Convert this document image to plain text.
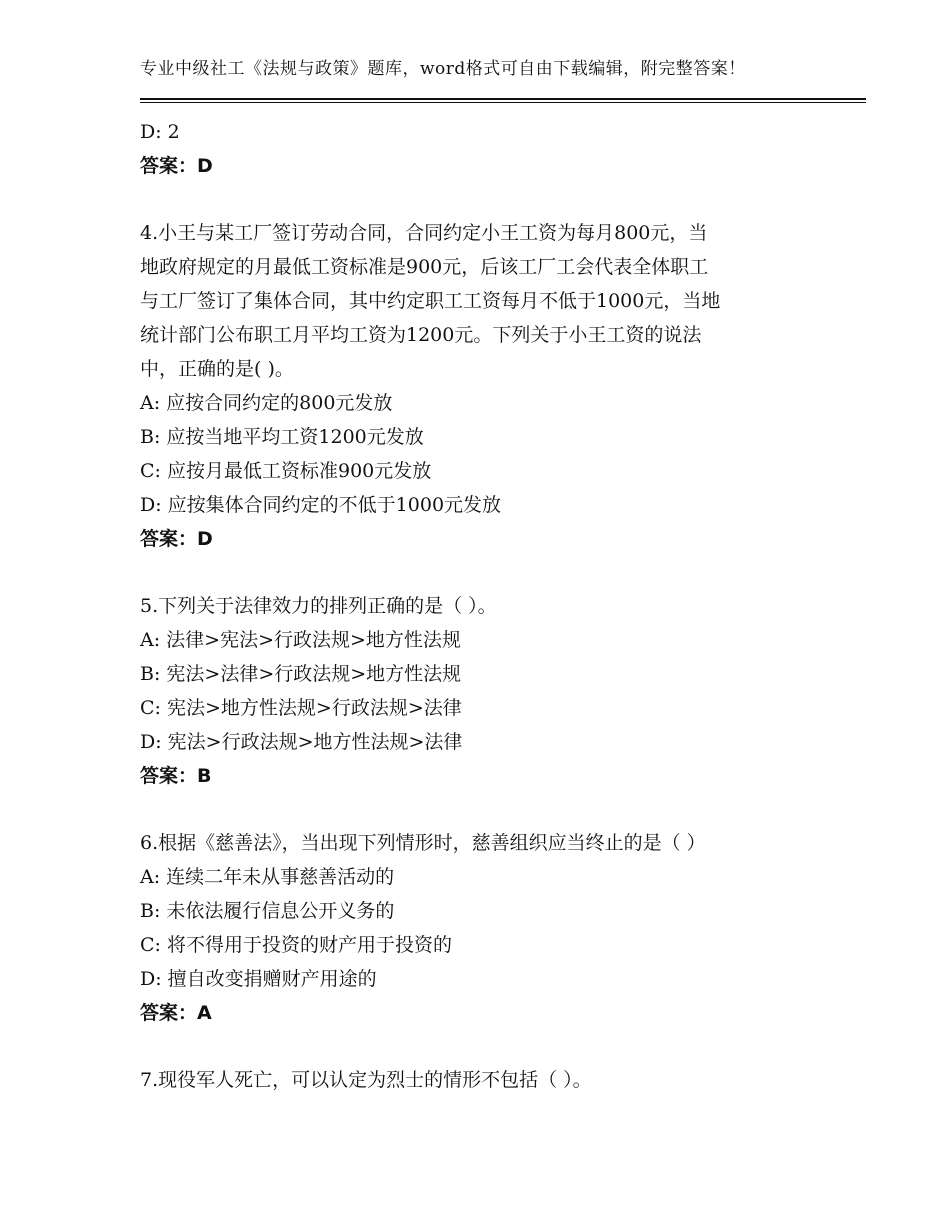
专业中级社工《法规与政策》题库，word格式可自由下载编辑，附完整答案！
D: 2
答案：D
4.小王与某工厂签订劳动合同，合同约定小王工资为每月800元，当
地政府规定的月最低工资标准是900元，后该工厂工会代表全体职工
与工厂签订了集体合同，其中约定职工工资每月不低于1000元，当地
统计部门公布职工月平均工资为1200元。下列关于小王工资的说法
中，正确的是( )。
A: 应按合同约定的800元发放
B: 应按当地平均工资1200元发放
C: 应按月最低工资标准900元发放
D: 应按集体合同约定的不低于1000元发放
答案：D
5.下列关于法律效力的排列正确的是（ ）。
A: 法律>宪法>行政法规>地方性法规
B: 宪法>法律>行政法规>地方性法规
C: 宪法>地方性法规>行政法规>法律
D: 宪法>行政法规>地方性法规>法律
答案：B
6.根据《慈善法》，当出现下列情形时，慈善组织应当终止的是（ ）
A: 连续二年未从事慈善活动的
B: 未依法履行信息公开义务的
C: 将不得用于投资的财产用于投资的
D: 擅自改变捐赠财产用途的
答案：A
7.现役军人死亡，可以认定为烈士的情形不包括（ ）。
